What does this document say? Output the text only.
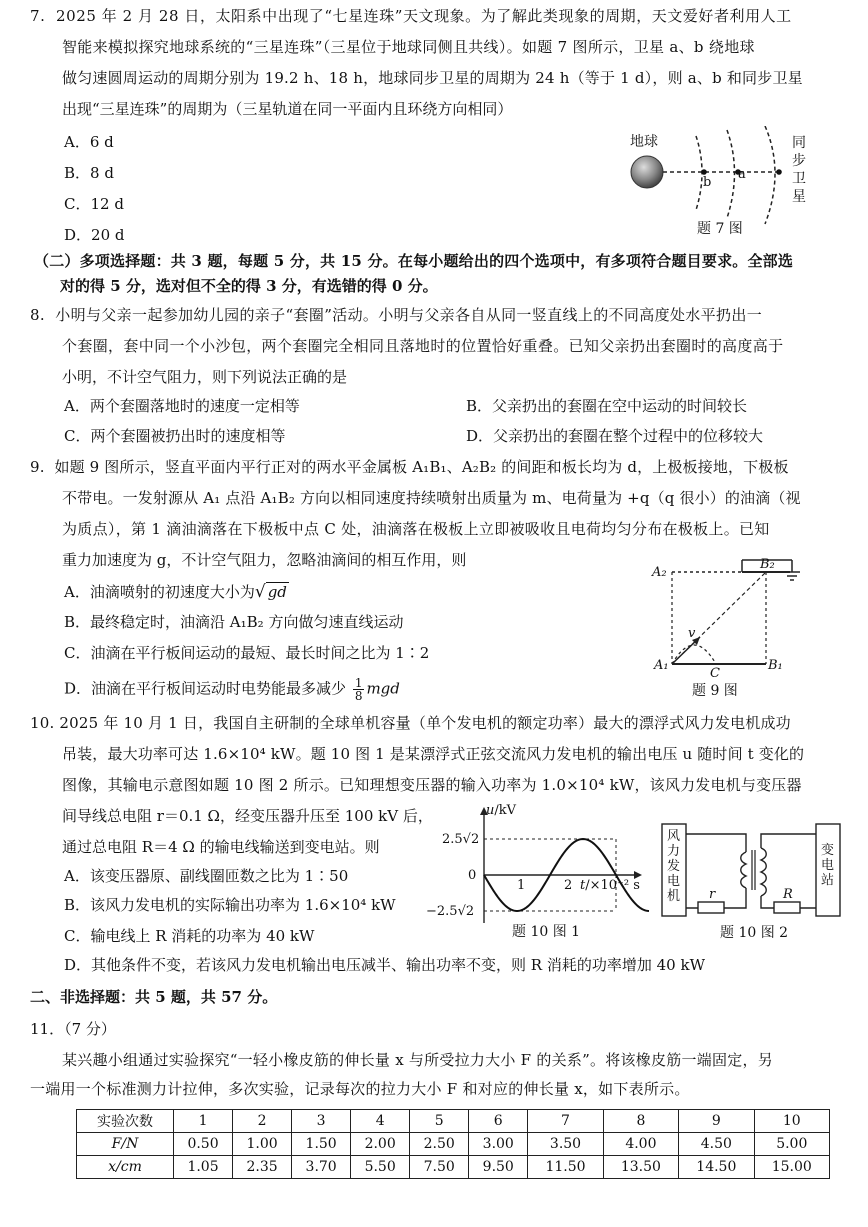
7.  2025 年 2 月 28 日，太阳系中出现了“七星连珠”天文现象。为了解此类现象的周期，天文爱好者利用人工
智能来模拟探究地球系统的“三星连珠”（三星位于地球同侧且共线）。如题 7 图所示，卫星 a、b 绕地球
做匀速圆周运动的周期分别为 19.2 h、18 h，地球同步卫星的周期为 24 h（等于 1 d），则 a、b 和同步卫星
出现“三星连珠”的周期为（三星轨道在同一平面内且环绕方向相同）
A．6 d
B．8 d
C．12 d
D．20 d
地球
b
a
同
步
卫
星
题 7 图
（二）多项选择题：共 3 题，每题 5 分，共 15 分。在每小题给出的四个选项中，有多项符合题目要求。全部选
对的得 5 分，选对但不全的得 3 分，有选错的得 0 分。
8.  小明与父亲一起参加幼儿园的亲子“套圈”活动。小明与父亲各自从同一竖直线上的不同高度处水平扔出一
个套圈，套中同一个小沙包，两个套圈完全相同且落地时的位置恰好重叠。已知父亲扔出套圈时的高度高于
小明，不计空气阻力，则下列说法正确的是
A．两个套圈落地时的速度一定相等	B．父亲扔出的套圈在空中运动的时间较长
C．两个套圈被扔出时的速度相等	D．父亲扔出的套圈在整个过程中的位移较大
9.  如题 9 图所示，竖直平面内平行正对的两水平金属板 A₁B₁、A₂B₂ 的间距和板长均为 d，上极板接地，下极板
不带电。一发射源从 A₁ 点沿 A₁B₂ 方向以相同速度持续喷射出质量为 m、电荷量为 +q（q 很小）的油滴（视
为质点），第 1 滴油滴落在下极板中点 C 处，油滴落在极板上立即被吸收且电荷均匀分布在极板上。已知
重力加速度为 g，不计空气阻力，忽略油滴间的相互作用，则
A．油滴喷射的初速度大小为√ gd
B．最终稳定时，油滴沿 A₁B₂ 方向做匀速直线运动
C．油滴在平行板间运动的最短、最长时间之比为 1∶2
D．油滴在平行板间运动时电势能最多减少 $\frac{1}{8}$ mgd
A₂
B₂
A₁	B₁
C
v
题 9 图
10. 2025 年 10 月 1 日，我国自主研制的全球单机容量（单个发电机的额定功率）最大的漂浮式风力发电机成功
吊装，最大功率可达 1.6×10⁴ kW。题 10 图 1 是某漂浮式正弦交流风力发电机的输出电压 u 随时间 t 变化的
图像，其输电示意图如题 10 图 2 所示。已知理想变压器的输入功率为 1.0×10⁴ kW，该风力发电机与变压器
间导线总电阻 r＝0.1 Ω，经变压器升压至 100 kV 后，
通过总电阻 R＝4 Ω 的输电线输送到变电站。则
A．该变压器原、副线圈匝数之比为 1∶50
B．该风力发电机的实际输出功率为 1.6×10⁴ kW
C．输电线上 R 消耗的功率为 40 kW
D．其他条件不变，若该风力发电机输出电压减半、输出功率不变，则 R 消耗的功率增加 40 kW
u/kV
2.5√2
0
−2.5√2
1	2 t/×10⁻² s
题 10 图 1
风力发电机
变电站
r	R
题 10 图 2
二、非选择题：共 5 题，共 57 分。
11．（7 分）
某兴趣小组通过实验探究“一轻小橡皮筋的伸长量 x 与所受拉力大小 F 的关系”。将该橡皮筋一端固定，另
一端用一个标准测力计拉伸，多次实验，记录每次的拉力大小 F 和对应的伸长量 x，如下表所示。
实验次数	1	2	3	4	5	6	7	8	9	10
F/N	0.50	1.00	1.50	2.00	2.50	3.00	3.50	4.00	4.50	5.00
x/cm	1.05	2.35	3.70	5.50	7.50	9.50	11.50	13.50	14.50	15.00
